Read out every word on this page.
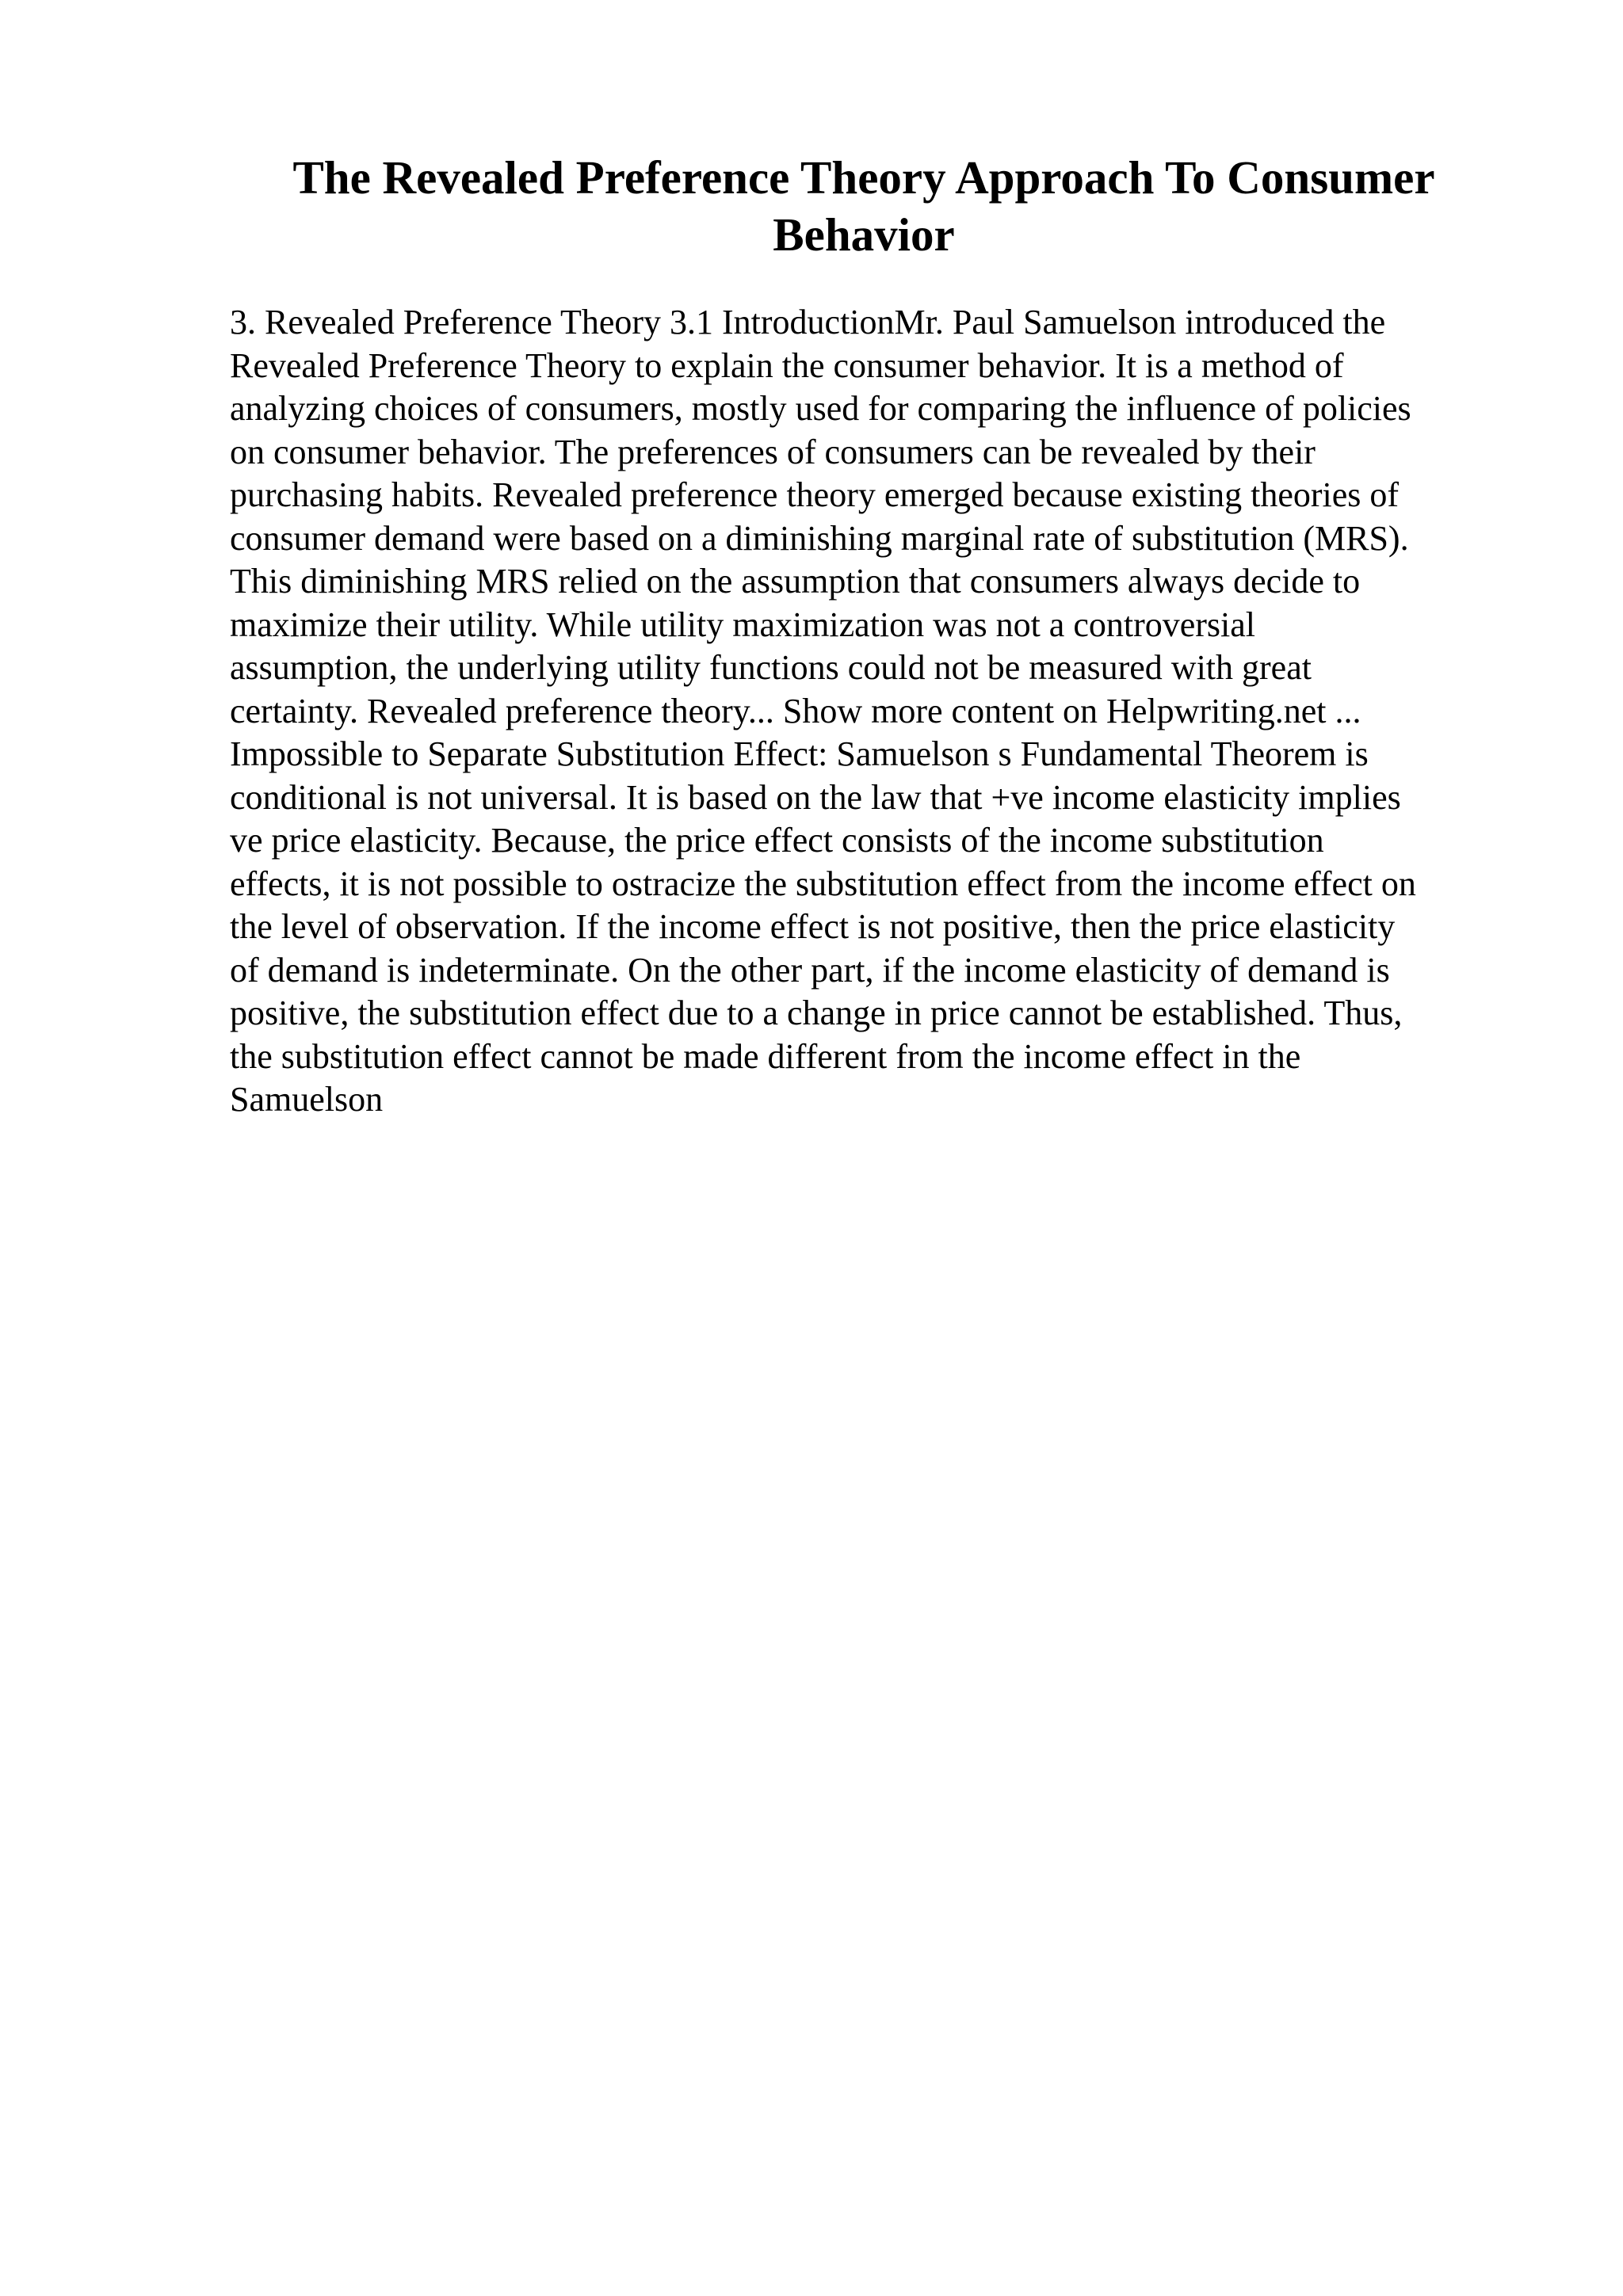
The Revealed Preference Theory Approach To Consumer
Behavior
3. Revealed Preference Theory 3.1 IntroductionMr. Paul Samuelson introduced the
Revealed Preference Theory to explain the consumer behavior. It is a method of
analyzing choices of consumers, mostly used for comparing the influence of policies
on consumer behavior. The preferences of consumers can be revealed by their
purchasing habits. Revealed preference theory emerged because existing theories of
consumer demand were based on a diminishing marginal rate of substitution (MRS).
This diminishing MRS relied on the assumption that consumers always decide to
maximize their utility. While utility maximization was not a controversial
assumption, the underlying utility functions could not be measured with great
certainty. Revealed preference theory... Show more content on Helpwriting.net ...
Impossible to Separate Substitution Effect: Samuelson s Fundamental Theorem is
conditional is not universal. It is based on the law that +ve income elasticity implies
ve price elasticity. Because, the price effect consists of the income substitution
effects, it is not possible to ostracize the substitution effect from the income effect on
the level of observation. If the income effect is not positive, then the price elasticity
of demand is indeterminate. On the other part, if the income elasticity of demand is
positive, the substitution effect due to a change in price cannot be established. Thus,
the substitution effect cannot be made different from the income effect in the
Samuelson
